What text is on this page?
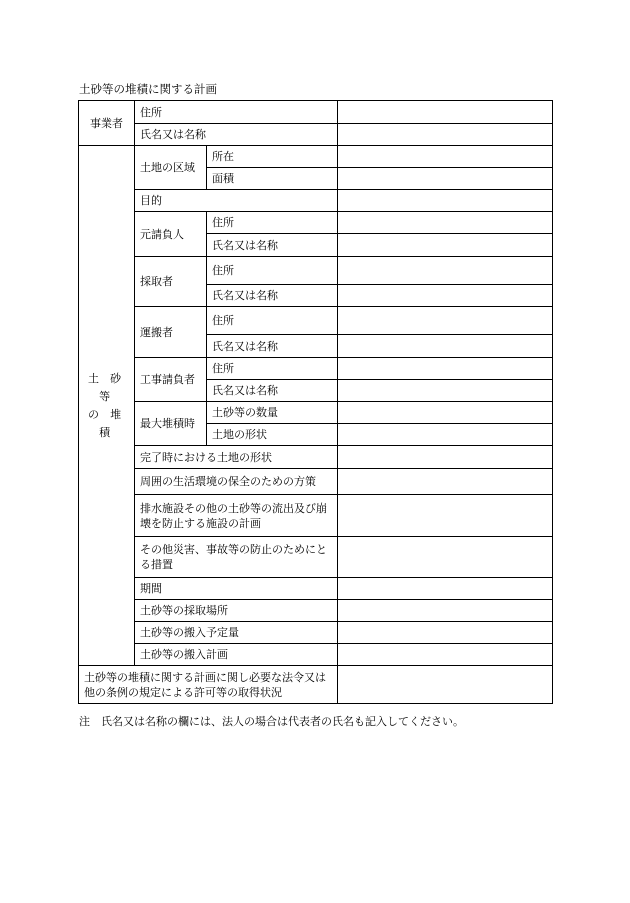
土砂等の堆積に関する計画
事業者	住所		
	氏名又は名称		

土 砂 等
の 堆 積	土地の区域	所在	
		面積	
	目的		
	元請負人	住所	
		氏名又は名称	
	採取者	住所	
		氏名又は名称	
	運搬者	住所	
		氏名又は名称	
	工事請負者	住所	
		氏名又は名称	
	最大堆積時	土砂等の数量	
		土地の形状	
	完了時における土地の形状		
	周囲の生活環境の保全のための方策		
	排水施設その他の土砂等の流出及び崩壊を防止する施設の計画		
	その他災害、事故等の防止のためにとる措置		
	期間		
	土砂等の採取場所		
	土砂等の搬入予定量		
	土砂等の搬入計画		
土砂等の堆積に関する計画に関し必要な法令又は他の条例の規定による許可等の取得状況			
注　氏名又は名称の欄には、法人の場合は代表者の氏名も記入してください。
